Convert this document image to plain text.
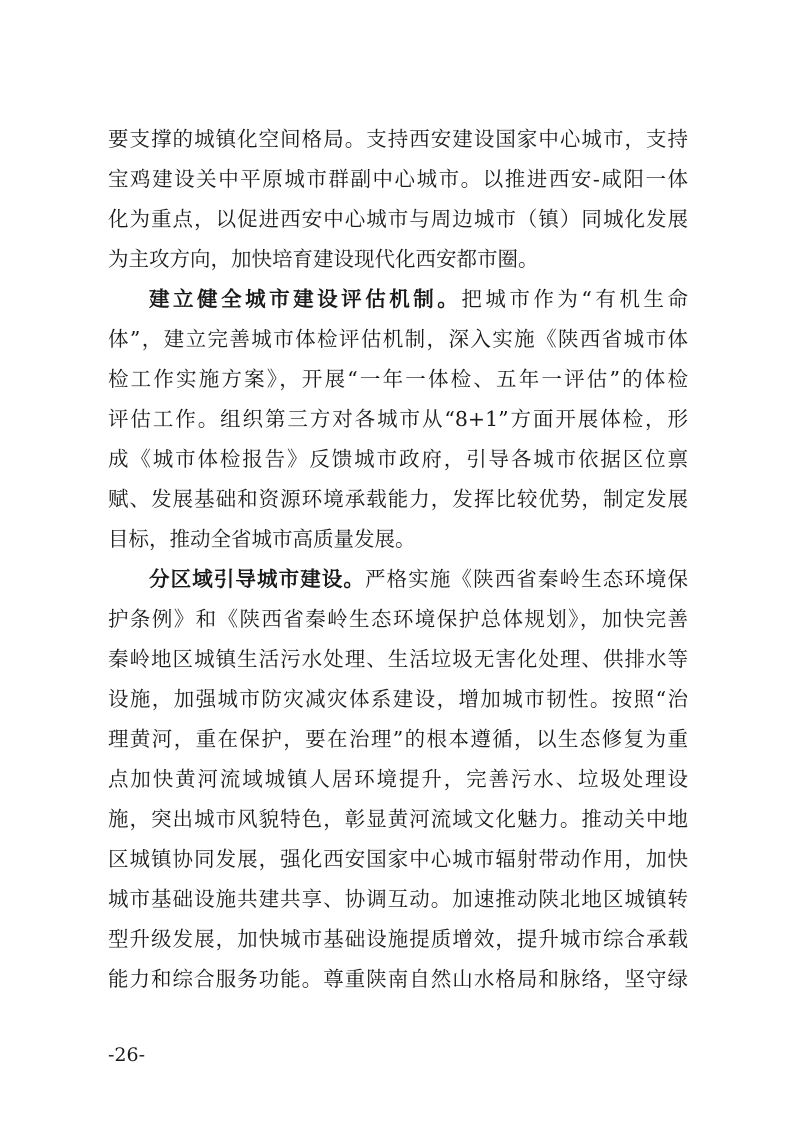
要支撑的城镇化空间格局。支持西安建设国家中心城市，支持
宝鸡建设关中平原城市群副中心城市。以推进西安-咸阳一体
化为重点，以促进西安中心城市与周边城市（镇）同城化发展
为主攻方向，加快培育建设现代化西安都市圈。
建立健全城市建设评估机制。把城市作为“有机生命
体”，建立完善城市体检评估机制，深入实施《陕西省城市体
检工作实施方案》，开展“一年一体检、五年一评估”的体检
评估工作。组织第三方对各城市从“8+1”方面开展体检，形
成《城市体检报告》反馈城市政府，引导各城市依据区位禀
赋、发展基础和资源环境承载能力，发挥比较优势，制定发展
目标，推动全省城市高质量发展。
分区域引导城市建设。严格实施《陕西省秦岭生态环境保
护条例》和《陕西省秦岭生态环境保护总体规划》，加快完善
秦岭地区城镇生活污水处理、生活垃圾无害化处理、供排水等
设施，加强城市防灾减灾体系建设，增加城市韧性。按照“治
理黄河，重在保护，要在治理”的根本遵循，以生态修复为重
点加快黄河流域城镇人居环境提升，完善污水、垃圾处理设
施，突出城市风貌特色，彰显黄河流域文化魅力。推动关中地
区城镇协同发展，强化西安国家中心城市辐射带动作用，加快
城市基础设施共建共享、协调互动。加速推动陕北地区城镇转
型升级发展，加快城市基础设施提质增效，提升城市综合承载
能力和综合服务功能。尊重陕南自然山水格局和脉络，坚守绿
-26-
